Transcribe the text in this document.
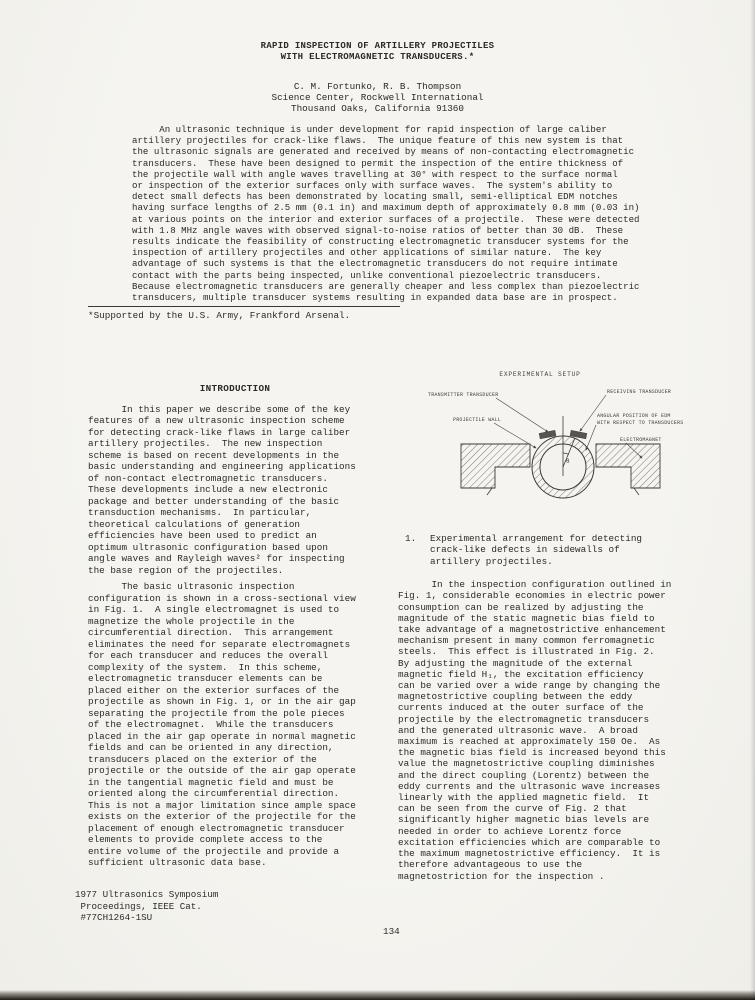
RAPID INSPECTION OF ARTILLERY PROJECTILES
WITH ELECTROMAGNETIC TRANSDUCERS.*
C. M. Fortunko, R. B. Thompson
Science Center, Rockwell International
Thousand Oaks, California 91360
An ultrasonic technique is under development for rapid inspection of large caliber
artillery projectiles for crack-like flaws.  The unique feature of this new system is that
the ultrasonic signals are generated and received by means of non-contacting electromagnetic
transducers.  These have been designed to permit the inspection of the entire thickness of
the projectile wall with angle waves travelling at 30° with respect to the surface normal
or inspection of the exterior surfaces only with surface waves.  The system's ability to
detect small defects has been demonstrated by locating small, semi-elliptical EDM notches
having surface lengths of 2.5 mm (0.1 in) and maximum depth of approximately 0.8 mm (0.03 in)
at various points on the interior and exterior surfaces of a projectile.  These were detected
with 1.8 MHz angle waves with observed signal-to-noise ratios of better than 30 dB.  These
results indicate the feasibility of constructing electromagnetic transducer systems for the
inspection of artillery projectiles and other applications of similar nature.  The key
advantage of such systems is that the electromagnetic transducers do not require intimate
contact with the parts being inspected, unlike conventional piezoelectric transducers.
Because electromagnetic transducers are generally cheaper and less complex than piezoelectric
transducers, multiple transducer systems resulting in expanded data base are in prospect.
*Supported by the U.S. Army, Frankford Arsenal.
INTRODUCTION
In this paper we describe some of the key
features of a new ultrasonic inspection scheme
for detecting crack-like flaws in large caliber
artillery projectiles.  The new inspection
scheme is based on recent developments in the
basic understanding and engineering applications
of non-contact electromagnetic transducers.
These developments include a new electronic
package and better understanding of the basic
transduction mechanisms.  In particular,
theoretical calculations of generation
efficiencies have been used to predict an
optimum ultrasonic configuration based upon
angle waves and Rayleigh waves² for inspecting
the base region of the projectiles.
The basic ultrasonic inspection
configuration is shown in a cross-sectional view
in Fig. 1.  A single electromagnet is used to
magnetize the whole projectile in the
circumferential direction.  This arrangement
eliminates the need for separate electromagnets
for each transducer and reduces the overall
complexity of the system.  In this scheme,
electromagnetic transducer elements can be
placed either on the exterior surfaces of the
projectile as shown in Fig. 1, or in the air gap
separating the projectile from the pole pieces
of the electromagnet.  While the transducers
placed in the air gap operate in normal magnetic
fields and can be oriented in any direction,
transducers placed on the exterior of the
projectile or the outside of the air gap operate
in the tangential magnetic field and must be
oriented along the circumferential direction.
This is not a major limitation since ample space
exists on the exterior of the projectile for the
placement of enough electromagnetic transducer
elements to provide complete access to the
entire volume of the projectile and provide a
sufficient ultrasonic data base.
EXPERIMENTAL SETUP
θ
TRANSMITTER TRANSDUCER	RECEIVING TRANSDUCER
PROJECTILE WALL
ANGULAR POSITION OF EDM
WITH RESPECT TO TRANSDUCERS
ELECTROMAGNET
1.	Experimental arrangement for detecting
crack-like defects in sidewalls of
artillery projectiles.
In the inspection configuration outlined in
Fig. 1, considerable economies in electric power
consumption can be realized by adjusting the
magnitude of the static magnetic bias field to
take advantage of a magnetostrictive enhancement
mechanism present in many common ferromagnetic
steels.  This effect is illustrated in Fig. 2.
By adjusting the magnitude of the external
magnetic field H₁, the excitation efficiency
can be varied over a wide range by changing the
magnetostrictive coupling between the eddy
currents induced at the outer surface of the
projectile by the electromagnetic transducers
and the generated ultrasonic wave.  A broad
maximum is reached at approximately 150 Oe.  As
the magnetic bias field is increased beyond this
value the magnetostrictive coupling diminishes
and the direct coupling (Lorentz) between the
eddy currents and the ultrasonic wave increases
linearly with the applied magnetic field.  It
can be seen from the curve of Fig. 2 that
significantly higher magnetic bias levels are
needed in order to achieve Lorentz force
excitation efficiencies which are comparable to
the maximum magnetostrictive efficiency.  It is
therefore advantageous to use the
magnetostriction for the inspection .
1977 Ultrasonics Symposium
Proceedings, IEEE Cat.
#77CH1264-1SU
134
